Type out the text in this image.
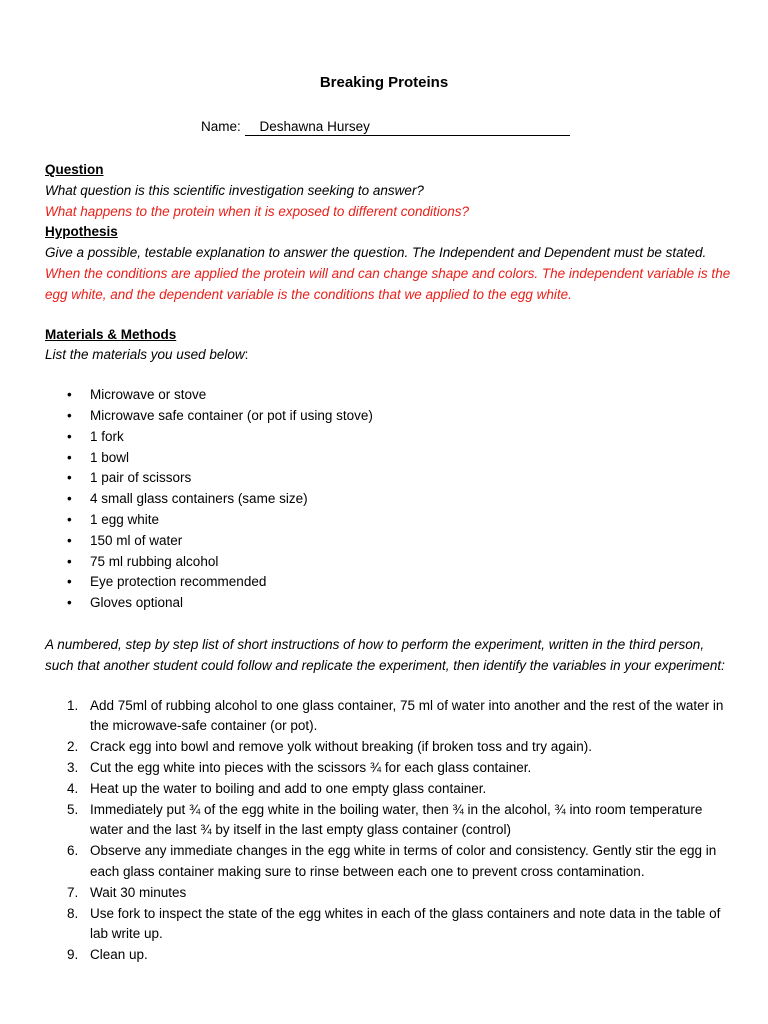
Breaking Proteins
Name: Deshawna Hursey
Question
What question is this scientific investigation seeking to answer?
What happens to the protein when it is exposed to different conditions?
Hypothesis
Give a possible, testable explanation to answer the question. The Independent and Dependent must be stated.
When the conditions are applied the protein will and can change shape and colors. The independent variable is the egg white, and the dependent variable is the conditions that we applied to the egg white.
Materials & Methods
List the materials you used below:
• Microwave or stove
• Microwave safe container (or pot if using stove)
• 1 fork
• 1 bowl
• 1 pair of scissors
• 4 small glass containers (same size)
• 1 egg white
• 150 ml of water
• 75 ml rubbing alcohol
• Eye protection recommended
• Gloves optional
A numbered, step by step list of short instructions of how to perform the experiment, written in the third person, such that another student could follow and replicate the experiment, then identify the variables in your experiment:
1. Add 75ml of rubbing alcohol to one glass container, 75 ml of water into another and the rest of the water in the microwave-safe container (or pot).
2. Crack egg into bowl and remove yolk without breaking (if broken toss and try again).
3. Cut the egg white into pieces with the scissors ¾ for each glass container.
4. Heat up the water to boiling and add to one empty glass container.
5. Immediately put ¾ of the egg white in the boiling water, then ¾ in the alcohol, ¾ into room temperature water and the last ¾ by itself in the last empty glass container (control)
6. Observe any immediate changes in the egg white in terms of color and consistency. Gently stir the egg in each glass container making sure to rinse between each one to prevent cross contamination.
7. Wait 30 minutes
8. Use fork to inspect the state of the egg whites in each of the glass containers and note data in the table of lab write up.
9. Clean up.
